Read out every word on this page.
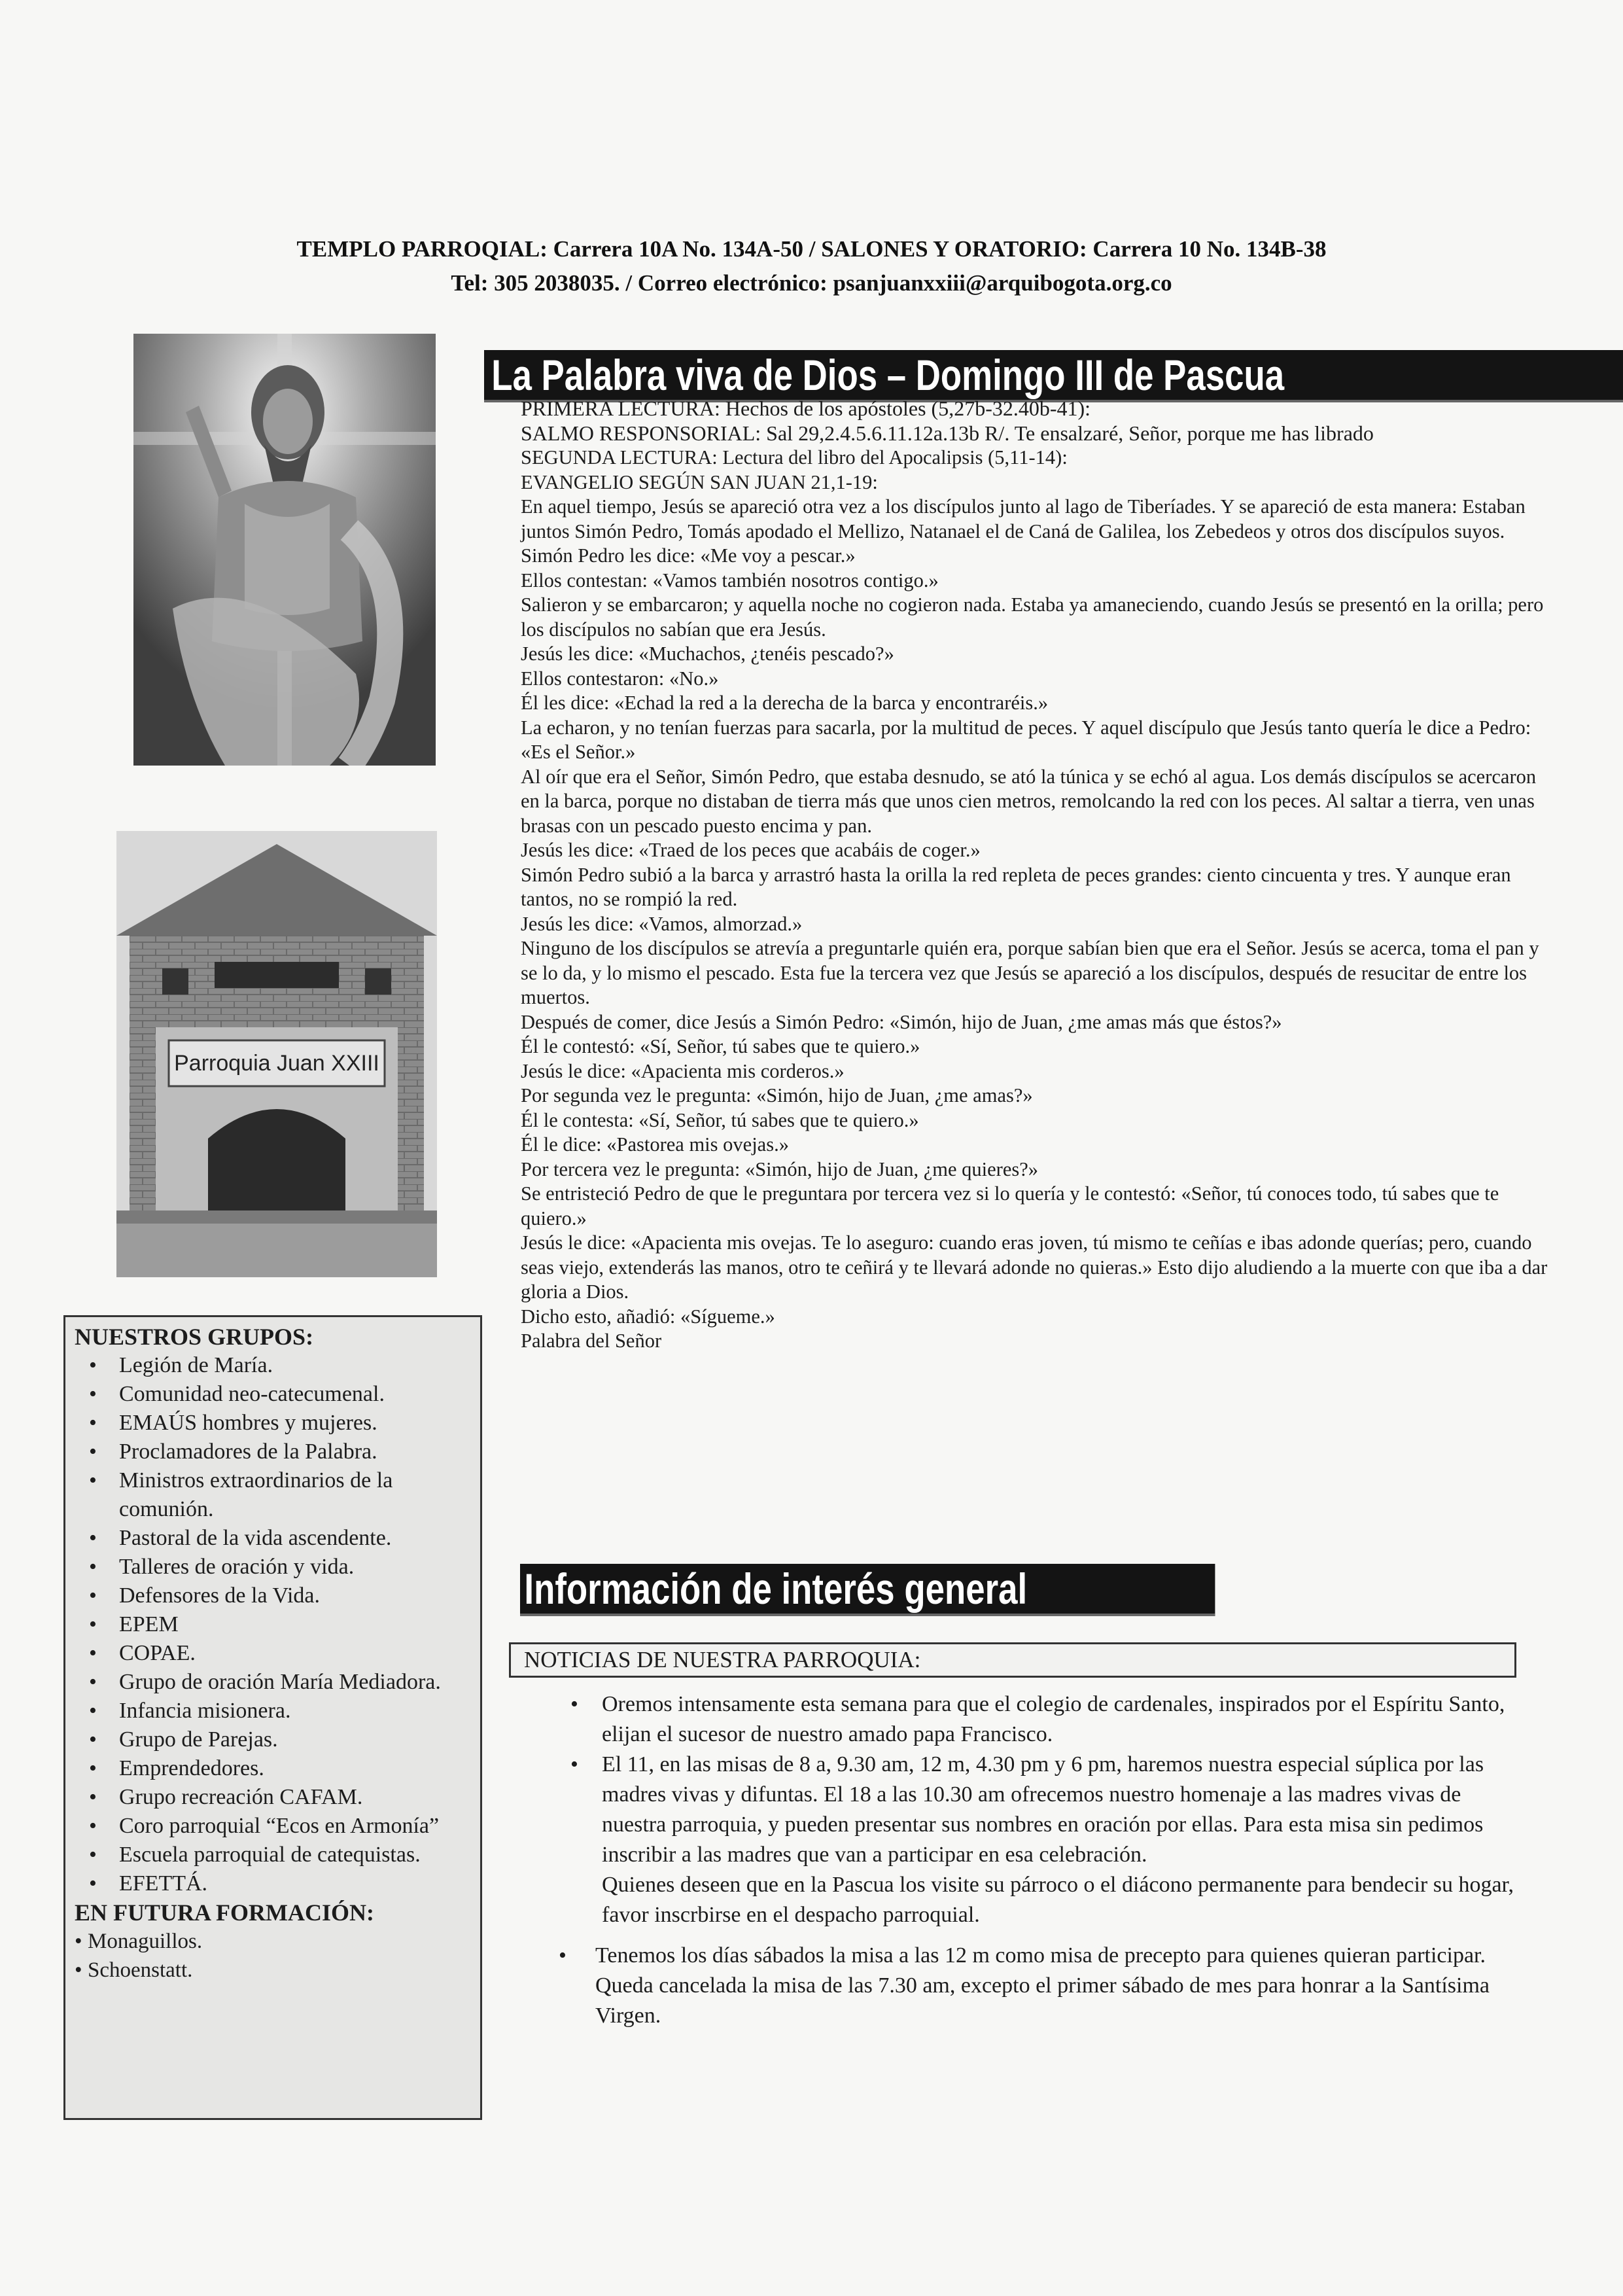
TEMPLO PARROQIAL: Carrera 10A No. 134A-50 / SALONES Y ORATORIO: Carrera 10 No. 134B-38
Tel: 305 2038035. / Correo electrónico: psanjuanxxiii@arquibogota.org.co
Parroquia Juan XXIII
La Palabra viva de Dios – Domingo III de Pascua

PRIMERA LECTURA: Hechos de los apóstoles (5,27b-32.40b-41):

SALMO RESPONSORIAL: Sal 29,2.4.5.6.11.12a.13b R/. Te ensalzaré, Señor, porque me has librado

SEGUNDA LECTURA: Lectura del libro del Apocalipsis (5,11-14):

EVANGELIO SEGÚN SAN JUAN 21,1-19:

En aquel tiempo, Jesús se apareció otra vez a los discípulos junto al lago de Tiberíades. Y se apareció de esta manera: Estaban juntos Simón Pedro, Tomás apodado el Mellizo, Natanael el de Caná de Galilea, los Zebedeos y otros dos discípulos suyos.

Simón Pedro les dice: «Me voy a pescar.»

Ellos contestan: «Vamos también nosotros contigo.»

Salieron y se embarcaron; y aquella noche no cogieron nada. Estaba ya amaneciendo, cuando Jesús se presentó en la orilla; pero los discípulos no sabían que era Jesús.

Jesús les dice: «Muchachos, ¿tenéis pescado?»

Ellos contestaron: «No.»

Él les dice: «Echad la red a la derecha de la barca y encontraréis.»

La echaron, y no tenían fuerzas para sacarla, por la multitud de peces. Y aquel discípulo que Jesús tanto quería le dice a Pedro: «Es el Señor.»

Al oír que era el Señor, Simón Pedro, que estaba desnudo, se ató la túnica y se echó al agua. Los demás discípulos se acercaron en la barca, porque no distaban de tierra más que unos cien metros, remolcando la red con los peces. Al saltar a tierra, ven unas brasas con un pescado puesto encima y pan.

Jesús les dice: «Traed de los peces que acabáis de coger.»

Simón Pedro subió a la barca y arrastró hasta la orilla la red repleta de peces grandes: ciento cincuenta y tres. Y aunque eran tantos, no se rompió la red.

Jesús les dice: «Vamos, almorzad.»

Ninguno de los discípulos se atrevía a preguntarle quién era, porque sabían bien que era el Señor. Jesús se acerca, toma el pan y se lo da, y lo mismo el pescado. Esta fue la tercera vez que Jesús se apareció a los discípulos, después de resucitar de entre los muertos.

Después de comer, dice Jesús a Simón Pedro: «Simón, hijo de Juan, ¿me amas más que éstos?»

Él le contestó: «Sí, Señor, tú sabes que te quiero.»

Jesús le dice: «Apacienta mis corderos.»

Por segunda vez le pregunta: «Simón, hijo de Juan, ¿me amas?»

Él le contesta: «Sí, Señor, tú sabes que te quiero.»

Él le dice: «Pastorea mis ovejas.»

Por tercera vez le pregunta: «Simón, hijo de Juan, ¿me quieres?»

Se entristeció Pedro de que le preguntara por tercera vez si lo quería y le contestó: «Señor, tú conoces todo, tú sabes que te quiero.»

Jesús le dice: «Apacienta mis ovejas. Te lo aseguro: cuando eras joven, tú mismo te ceñías e ibas adonde querías; pero, cuando seas viejo, extenderás las manos, otro te ceñirá y te llevará adonde no quieras.» Esto dijo aludiendo a la muerte con que iba a dar gloria a Dios.

Dicho esto, añadió: «Sígueme.»

Palabra del Señor

NUESTROS GRUPOS:
• Legión de María.
• Comunidad neo-catecumenal.
• EMAÚS hombres y mujeres.
• Proclamadores de la Palabra.
• Ministros extraordinarios de la comunión.
• Pastoral de la vida ascendente.
• Talleres de oración y vida.
• Defensores de la Vida.
• EPEM
• COPAE.
• Grupo de oración María Mediadora.
• Infancia misionera.
• Grupo de Parejas.
• Emprendedores.
• Grupo recreación CAFAM.
• Coro parroquial “Ecos en Armonía”
• Escuela parroquial de catequistas.
• EFETTÁ.
EN FUTURA FORMACIÓN:
• Monaguillos.
• Schoenstatt.
Información de interés general
NOTICIAS DE NUESTRA PARROQUIA:
• Oremos intensamente esta semana para que el colegio de cardenales, inspirados por el Espíritu Santo, elijan el sucesor de nuestro amado papa Francisco.
• El 11, en las misas de 8 a, 9.30 am, 12 m, 4.30 pm y 6 pm, haremos nuestra especial súplica por las madres vivas y difuntas. El 18 a las 10.30 am ofrecemos nuestro homenaje a las madres vivas de nuestra parroquia, y pueden presentar sus nombres en oración por ellas. Para esta misa sin pedimos inscribir a las madres que van a participar en esa celebración.
Quienes deseen que en la Pascua los visite su párroco o el diácono permanente para bendecir su hogar, favor inscrbirse en el despacho parroquial.
• Tenemos los días sábados la misa a las 12 m como misa de precepto para quienes quieran participar. Queda cancelada la misa de las 7.30 am, excepto el primer sábado de mes para honrar a la Santísima Virgen.
